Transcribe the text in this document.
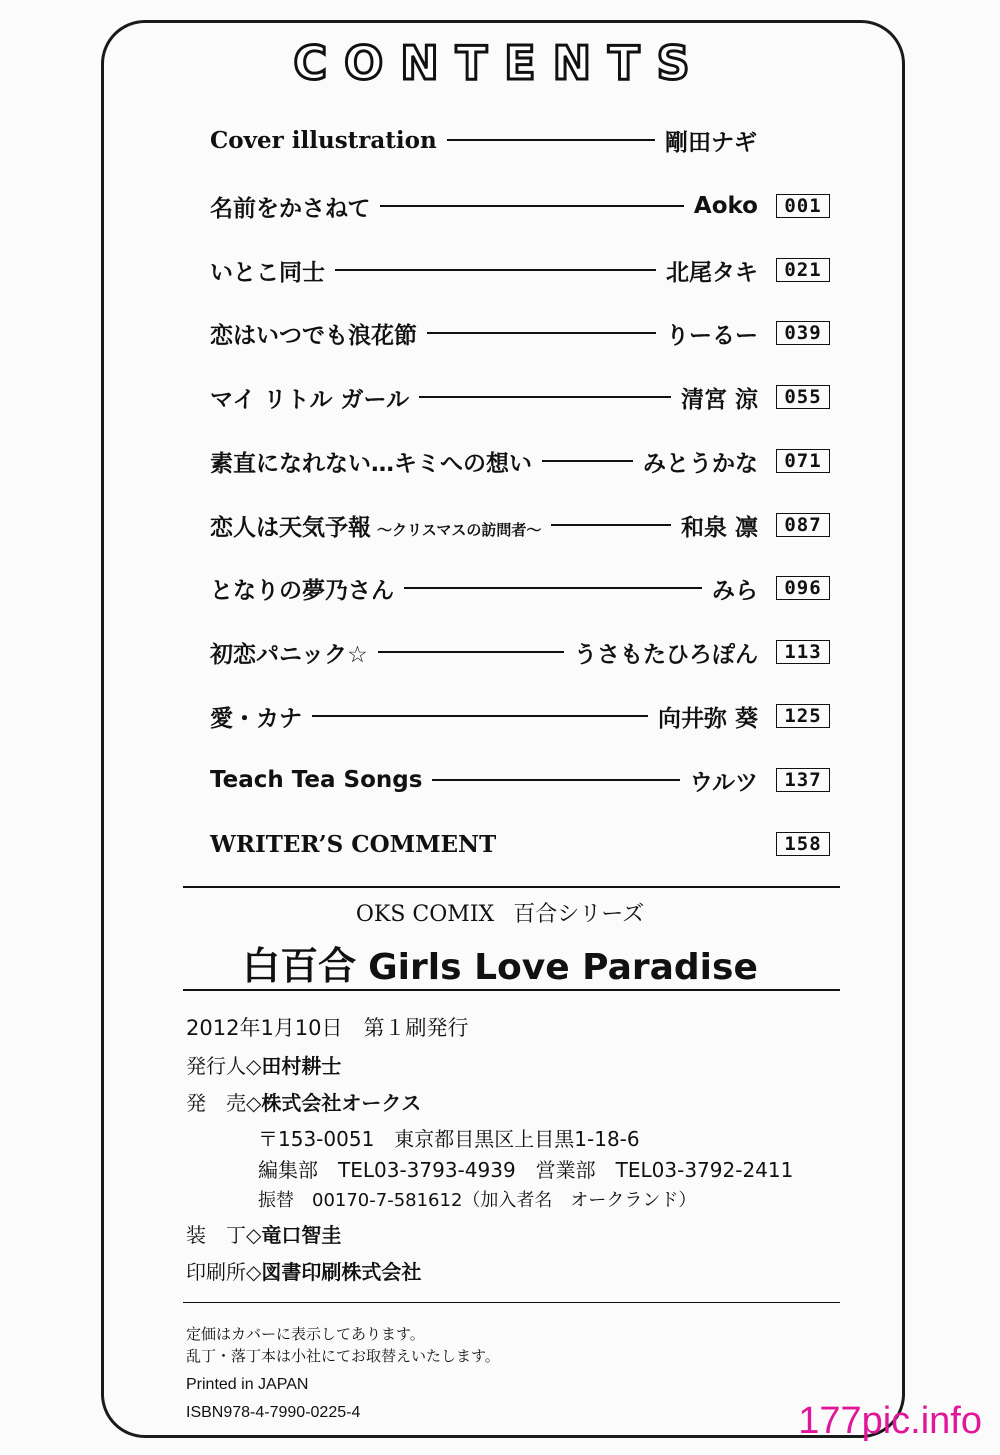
CONTENTS
Cover illustration	剛田ナギ
名前をかさねて	Aoko	001
いとこ同士	北尾タキ	021
恋はいつでも浪花節	りーるー	039
マイ リトル ガール	清宮 涼	055
素直になれない…キミへの想い	みとうかな	071
恋人は天気予報 ～クリスマスの訪問者～	和泉 凛	087
となりの夢乃さん	みら	096
初恋パニック☆	うさもたひろぽん	113
愛・カナ	向井弥 葵	125
Teach Tea Songs	ウルツ	137
WRITER’S COMMENT	158
OKS COMIX 百合シリーズ
白百合 Girls Love Paradise
2012年1月10日　第１刷発行
発行人◇田村耕士
発　売◇株式会社オークス
〒153-0051　東京都目黒区上目黒1-18-6
編集部　TEL03-3793-4939　営業部　TEL03-3792-2411
振替　00170-7-581612（加入者名　オークランド）
装　丁◇竜口智圭
印刷所◇図書印刷株式会社
定価はカバーに表示してあります。
乱丁・落丁本は小社にてお取替えいたします。
Printed in JAPAN
ISBN978-4-7990-0225-4	177pic.info
